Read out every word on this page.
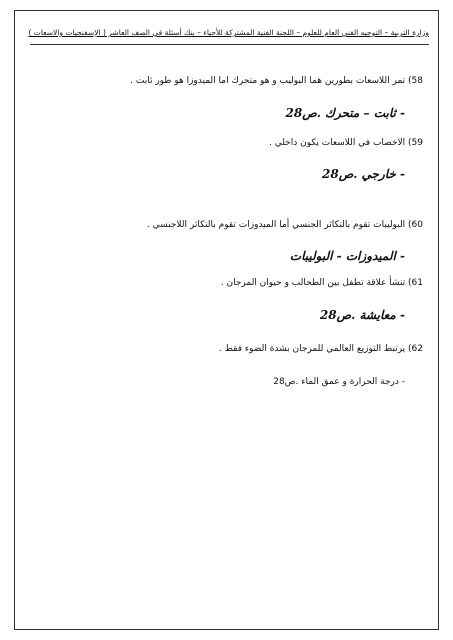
وزارة التربية – التوجيه الفني العام للعلوم – اللجنة الفنية المشتركة للأحياء – بنك أسئلة في الصف العاشر ( الإسفنجيات والاسعات )
58) تمر اللاسعات بطورين هما البوليب و هو متحرك اما الميدوزا هو طور ثابت .
- ثابت – متحرك .ص28
59) الاخصاب في اللاسعات يكون داخلي .
- خارجي .ص28
60) البوليبات تقوم بالتكاثر الجنسي أما الميدوزات تقوم بالتكاثر اللاجنسي .
- الميدوزات - البوليبات
61) تنشأ علاقة تطفل بين الطحالب و حيوان المرجان .
- معايشة .ص28
62) يرتبط التوزيع العالمي للمرجان بشدة الضوء فقط .
- درجة الحرارة و عمق الماء .ص28
